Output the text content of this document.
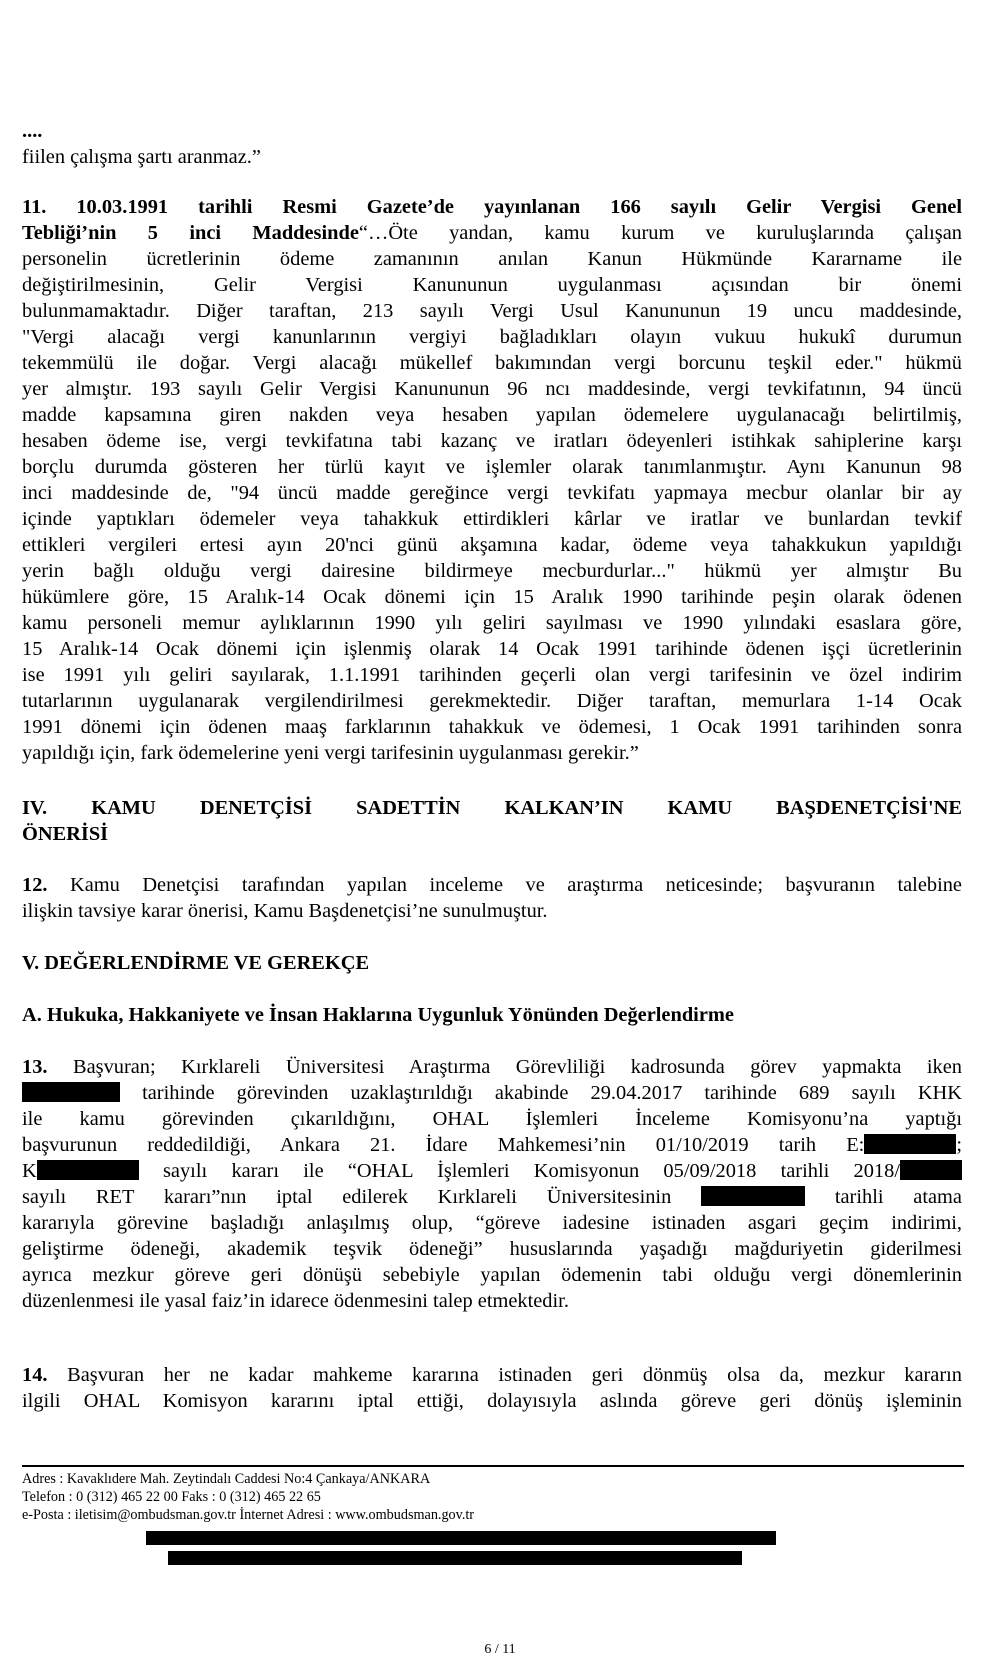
....
fiilen çalışma şartı aranmaz.”
11. 10.03.1991 tarihli Resmi Gazete’de yayınlanan 166 sayılı Gelir Vergisi Genel
Tebliği’nin 5 inci Maddesinde“…Öte yandan, kamu kurum ve kuruluşlarında çalışan
personelin ücretlerinin ödeme zamanının anılan Kanun Hükmünde Kararname ile
değiştirilmesinin, Gelir Vergisi Kanununun uygulanması açısından bir önemi
bulunmamaktadır. Diğer taraftan, 213 sayılı Vergi Usul Kanununun 19 uncu maddesinde,
"Vergi alacağı vergi kanunlarının vergiyi bağladıkları olayın vukuu hukukî durumun
tekemmülü ile doğar. Vergi alacağı mükellef bakımından vergi borcunu teşkil eder." hükmü
yer almıştır. 193 sayılı Gelir Vergisi Kanununun 96 ncı maddesinde, vergi tevkifatının, 94 üncü
madde kapsamına giren nakden veya hesaben yapılan ödemelere uygulanacağı belirtilmiş,
hesaben ödeme ise, vergi tevkifatına tabi kazanç ve iratları ödeyenleri istihkak sahiplerine karşı
borçlu durumda gösteren her türlü kayıt ve işlemler olarak tanımlanmıştır. Aynı Kanunun 98
inci maddesinde de, "94 üncü madde gereğince vergi tevkifatı yapmaya mecbur olanlar bir ay
içinde yaptıkları ödemeler veya tahakkuk ettirdikleri kârlar ve iratlar ve bunlardan tevkif
ettikleri vergileri ertesi ayın 20'nci günü akşamına kadar, ödeme veya tahakkukun yapıldığı
yerin bağlı olduğu vergi dairesine bildirmeye mecburdurlar..." hükmü yer almıştır Bu
hükümlere göre, 15 Aralık-14 Ocak dönemi için 15 Aralık 1990 tarihinde peşin olarak ödenen
kamu personeli memur aylıklarının 1990 yılı geliri sayılması ve 1990 yılındaki esaslara göre,
15 Aralık-14 Ocak dönemi için işlenmiş olarak 14 Ocak 1991 tarihinde ödenen işçi ücretlerinin
ise 1991 yılı geliri sayılarak, 1.1.1991 tarihinden geçerli olan vergi tarifesinin ve özel indirim
tutarlarının uygulanarak vergilendirilmesi gerekmektedir. Diğer taraftan, memurlara 1-14 Ocak
1991 dönemi için ödenen maaş farklarının tahakkuk ve ödemesi, 1 Ocak 1991 tarihinden sonra
yapıldığı için, fark ödemelerine yeni vergi tarifesinin uygulanması gerekir.”
IV. KAMU DENETÇİSİ SADETTİN KALKAN’IN KAMU BAŞDENETÇİSİ'NE
ÖNERİSİ
12. Kamu Denetçisi tarafından yapılan inceleme ve araştırma neticesinde; başvuranın talebine
ilişkin tavsiye karar önerisi, Kamu Başdenetçisi’ne sunulmuştur.
V. DEĞERLENDİRME VE GEREKÇE
A. Hukuka, Hakkaniyete ve İnsan Haklarına Uygunluk Yönünden Değerlendirme
13. Başvuran; Kırklareli Üniversitesi Araştırma Görevliliği kadrosunda görev yapmakta iken
tarihinde görevinden uzaklaştırıldığı akabinde 29.04.2017 tarihinde 689 sayılı KHK
ile kamu görevinden çıkarıldığını, OHAL İşlemleri İnceleme Komisyonu’na yaptığı
başvurunun reddedildiği, Ankara 21. İdare Mahkemesi’nin 01/10/2019 tarih E:	;
K	sayılı kararı ile “OHAL İşlemleri Komisyonun 05/09/2018 tarihli 2018/
sayılı RET kararı”nın iptal edilerek Kırklareli Üniversitesinin	tarihli atama
kararıyla görevine başladığı anlaşılmış olup, “göreve iadesine istinaden asgari geçim indirimi,
geliştirme ödeneği, akademik teşvik ödeneği” hususlarında yaşadığı mağduriyetin giderilmesi
ayrıca mezkur göreve geri dönüşü sebebiyle yapılan ödemenin tabi olduğu vergi dönemlerinin
düzenlenmesi ile yasal faiz’in idarece ödenmesini talep etmektedir.
14. Başvuran her ne kadar mahkeme kararına istinaden geri dönmüş olsa da, mezkur kararın
ilgili OHAL Komisyon kararını iptal ettiği, dolayısıyla aslında göreve geri dönüş işleminin
Adres : Kavaklıdere Mah. Zeytindalı Caddesi No:4 Çankaya/ANKARA
Telefon : 0 (312) 465 22 00 Faks : 0 (312) 465 22 65
e-Posta : iletisim@ombudsman.gov.tr İnternet Adresi : www.ombudsman.gov.tr
6 / 11
